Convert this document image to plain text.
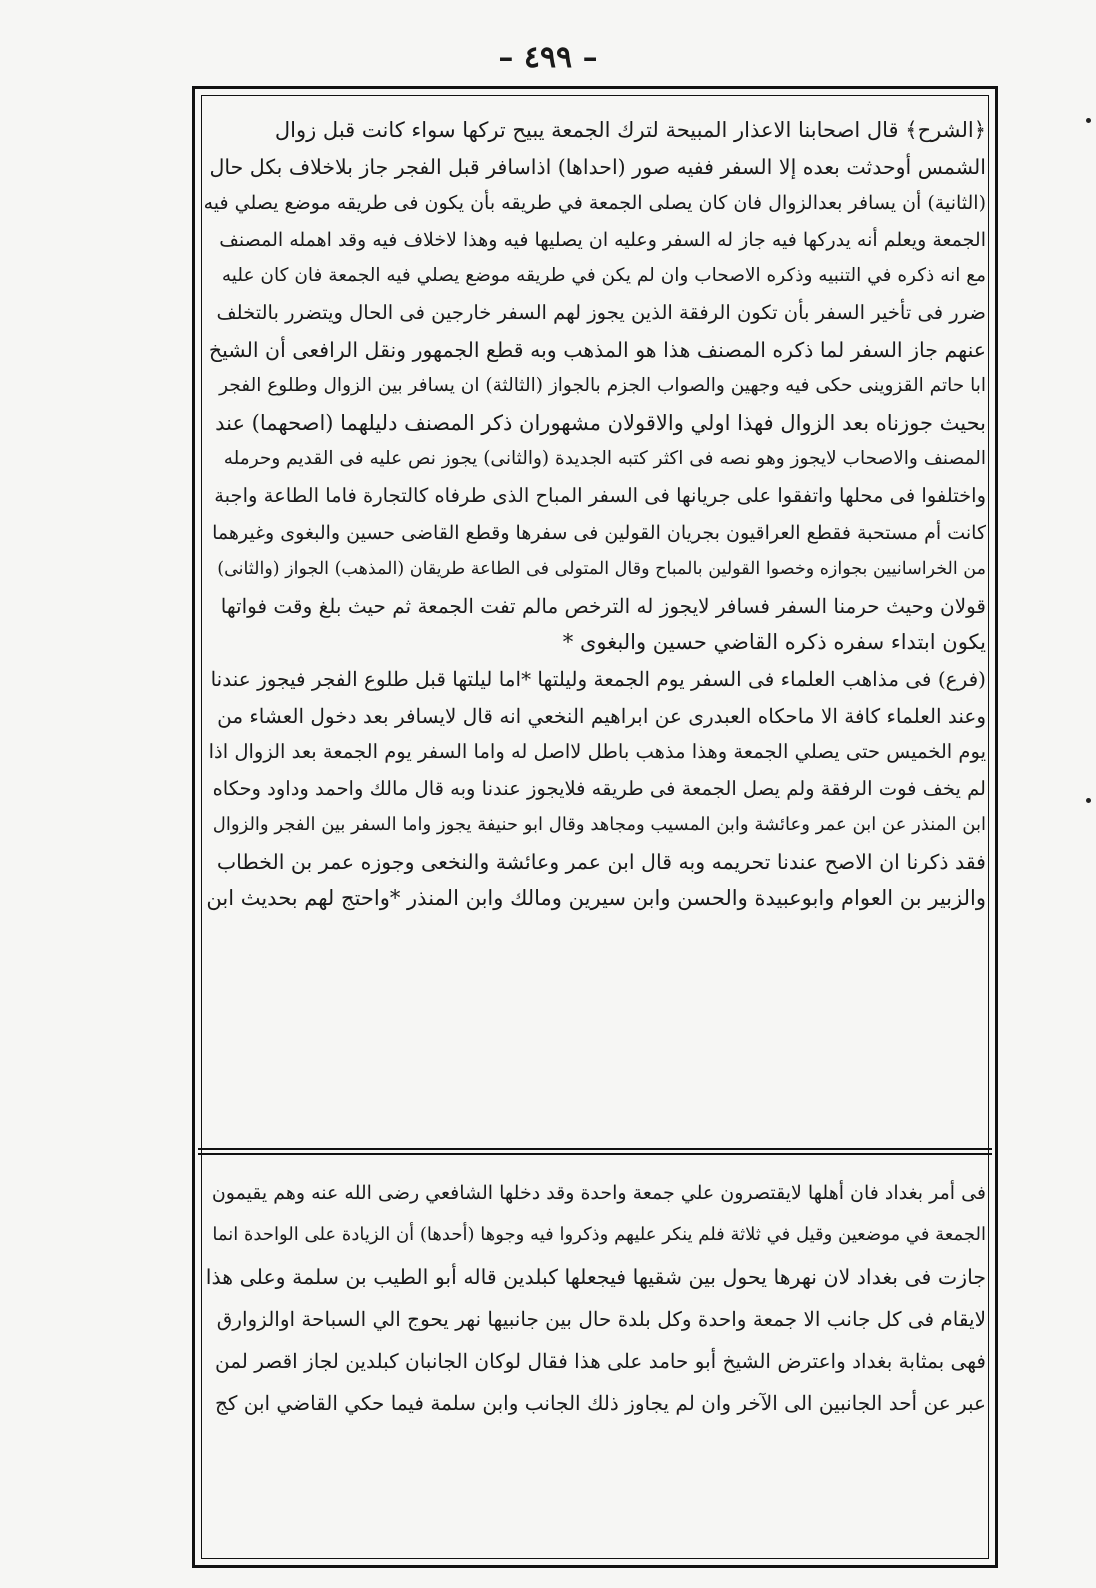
– ٤٩٩ –
﴿الشرح﴾ قال اصحابنا الاعذار المبيحة لترك الجمعة يبيح تركها سواء كانت قبل زوال
الشمس أوحدثت بعده إلا السفر ففيه صور (احداها) اذاسافر قبل الفجر جاز بلاخلاف بكل حال
(الثانية) أن يسافر بعدالزوال فان كان يصلى الجمعة في طريقه بأن يكون فى طريقه موضع يصلي فيه
الجمعة ويعلم أنه يدركها فيه جاز له السفر وعليه ان يصليها فيه وهذا لاخلاف فيه وقد اهمله المصنف
مع انه ذكره في التنبيه وذكره الاصحاب وان لم يكن في طريقه موضع يصلي فيه الجمعة فان كان عليه
ضرر فى تأخير السفر بأن تكون الرفقة الذين يجوز لهم السفر خارجين فى الحال ويتضرر بالتخلف
عنهم جاز السفر لما ذكره المصنف هذا هو المذهب وبه قطع الجمهور ونقل الرافعى أن الشيخ
ابا حاتم القزوينى حكى فيه وجهين والصواب الجزم بالجواز (الثالثة) ان يسافر بين الزوال وطلوع الفجر
بحيث جوزناه بعد الزوال فهذا اولي والاقولان مشهوران ذكر المصنف دليلهما (اصحهما) عند
المصنف والاصحاب لايجوز وهو نصه فى اكثر كتبه الجديدة (والثانى) يجوز نص عليه فى القديم وحرمله
واختلفوا فى محلها واتفقوا على جريانها فى السفر المباح الذى طرفاه كالتجارة فاما الطاعة واجبة
كانت أم مستحبة فقطع العراقيون بجريان القولين فى سفرها وقطع القاضى حسين والبغوى وغيرهما
من الخراسانيين بجوازه وخصوا القولين بالمباح وقال المتولى فى الطاعة طريقان (المذهب) الجواز (والثانى)
قولان وحيث حرمنا السفر فسافر لايجوز له الترخص مالم تفت الجمعة ثم حيث بلغ وقت فواتها
يكون ابتداء سفره ذكره القاضي حسين والبغوى *
(فرع) فى مذاهب العلماء فى السفر يوم الجمعة وليلتها *اما ليلتها قبل طلوع الفجر فيجوز عندنا
وعند العلماء كافة الا ماحكاه العبدرى عن ابراهيم النخعي انه قال لايسافر بعد دخول العشاء من
يوم الخميس حتى يصلي الجمعة وهذا مذهب باطل لااصل له واما السفر يوم الجمعة بعد الزوال اذا
لم يخف فوت الرفقة ولم يصل الجمعة فى طريقه فلايجوز عندنا وبه قال مالك واحمد وداود وحكاه
ابن المنذر عن ابن عمر وعائشة وابن المسيب ومجاهد وقال ابو حنيفة يجوز واما السفر بين الفجر والزوال
فقد ذكرنا ان الاصح عندنا تحريمه وبه قال ابن عمر وعائشة والنخعى وجوزه عمر بن الخطاب
والزبير بن العوام وابوعبيدة والحسن وابن سيرين ومالك وابن المنذر *واحتج لهم بحديث ابن
فى أمر بغداد فان أهلها لايقتصرون علي جمعة واحدة وقد دخلها الشافعي رضى الله عنه وهم يقيمون
الجمعة في موضعين وقيل في ثلاثة فلم ينكر عليهم وذكروا فيه وجوها (أحدها) أن الزيادة على الواحدة انما
جازت فى بغداد لان نهرها يحول بين شقيها فيجعلها كبلدين قاله أبو الطيب بن سلمة وعلى هذا
لايقام فى كل جانب الا جمعة واحدة وكل بلدة حال بين جانبيها نهر يحوج الي السباحة اوالزوارق
فهى بمثابة بغداد واعترض الشيخ أبو حامد على هذا فقال لوكان الجانبان كبلدين لجاز اقصر لمن
عبر عن أحد الجانبين الى الآخر وان لم يجاوز ذلك الجانب وابن سلمة فيما حكي القاضي ابن كج
